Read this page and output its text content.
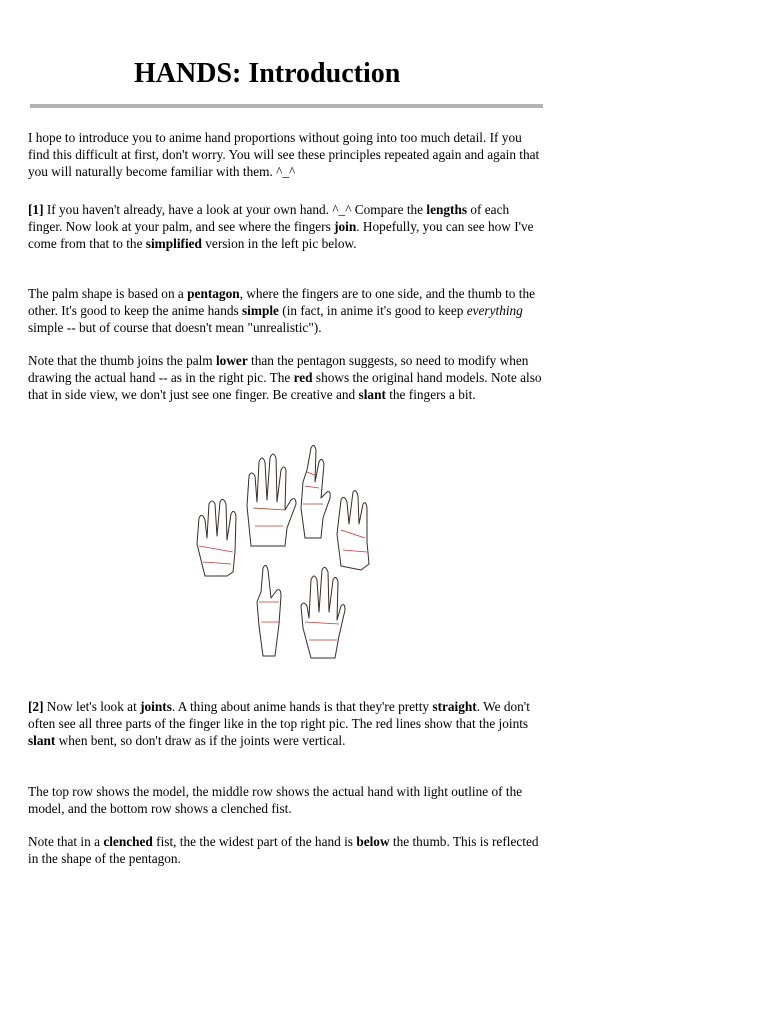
HANDS: Introduction

I hope to introduce you to anime hand proportions without going into too much detail. If you find this difficult at first, don't worry. You will see these principles repeated again and again that you will naturally become familiar with them. ^_^

[1] If you haven't already, have a look at your own hand. ^_^ Compare the lengths of each finger. Now look at your palm, and see where the fingers join. Hopefully, you can see how I've come from that to the simplified version in the left pic below.

The palm shape is based on a pentagon, where the fingers are to one side, and the thumb to the other. It's good to keep the anime hands simple (in fact, in anime it's good to keep everything simple -- but of course that doesn't mean "unrealistic").

Note that the thumb joins the palm lower than the pentagon suggests, so need to modify when drawing the actual hand -- as in the right pic. The red shows the original hand models. Note also that in side view, we don't just see one finger. Be creative and slant the fingers a bit.

[2] Now let's look at joints. A thing about anime hands is that they're pretty straight. We don't often see all three parts of the finger like in the top right pic. The red lines show that the joints slant when bent, so don't draw as if the joints were vertical.

The top row shows the model, the middle row shows the actual hand with light outline of the model, and the bottom row shows a clenched fist.

Note that in a clenched fist, the the widest part of the hand is below the thumb. This is reflected in the shape of the pentagon.
